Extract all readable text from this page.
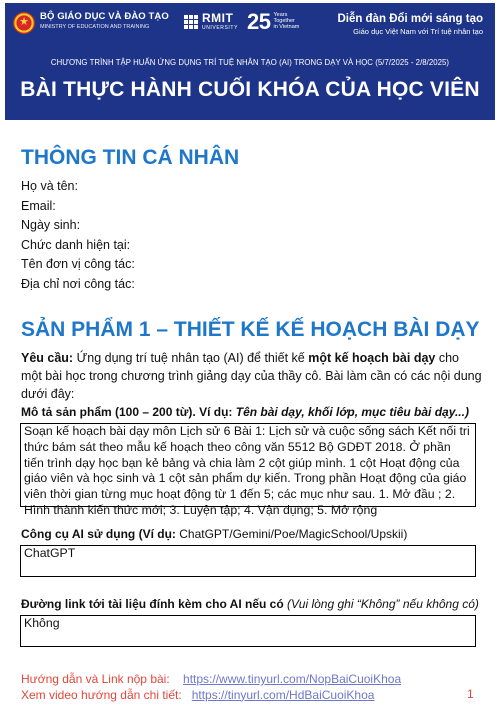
★
BỘ GIÁO DỤC VÀ ĐÀO TẠO
MINISTRY OF EDUCATION AND TRAINING
RMIT
UNIVERSITY 25 Years
Together
in Vietnam
Diễn đàn Đổi mới sáng tạo
Giáo dục Việt Nam với Trí tuệ nhân tạo
CHƯƠNG TRÌNH TẬP HUẤN ỨNG DỤNG TRÍ TUỆ NHÂN TẠO (AI) TRONG DẠY VÀ HỌC (5/7/2025 - 2/8/2025)
BÀI THỰC HÀNH CUỐI KHÓA CỦA HỌC VIÊN
THÔNG TIN CÁ NHÂN
Họ và tên:
Email:
Ngày sinh:
Chức danh hiện tại:
Tên đơn vị công tác:
Địa chỉ nơi công tác:
SẢN PHẨM 1 – THIẾT KẾ KẾ HOẠCH BÀI DẠY
Yêu cầu: Ứng dụng trí tuệ nhân tạo (AI) để thiết kế một kế hoạch bài dạy cho một bài học trong chương trình giảng dạy của thầy cô. Bài làm cần có các nội dung dưới đây:
Mô tả sản phẩm (100 – 200 từ). Ví dụ: Tên bài dạy, khối lớp, mục tiêu bài dạy...)
Soạn kế hoạch bài dạy môn Lịch sử 6 Bài 1: Lịch sử và cuộc sống sách Kết nối tri thức bám sát theo mẫu kế hoạch theo công văn 5512 Bộ GDĐT 2018. Ở phần tiến trình dạy học bạn kẻ bảng và chia làm 2 cột giúp mình. 1 cột Hoạt động của giáo viên và học sinh và 1 cột sản phẩm dự kiến. Trong phần Hoạt động của giáo viên thời gian từng mục hoạt động từ 1 đến 5; các mục như sau. 1. Mở đầu ; 2. Hình thành kiến thức mới; 3. Luyện tập; 4. Vận dụng; 5. Mở rộng
Công cụ AI sử dụng (Ví dụ: ChatGPT/Gemini/Poe/MagicSchool/Upskii)
ChatGPT
Đường link tới tài liệu đính kèm cho AI nếu có (Vui lòng ghi “Không” nếu không có)
Không
Hướng dẫn và Link nộp bài: https://www.tinyurl.com/NopBaiCuoiKhoa
Xem video hướng dẫn chi tiết: https://tinyurl.com/HdBaiCuoiKhoa	1
